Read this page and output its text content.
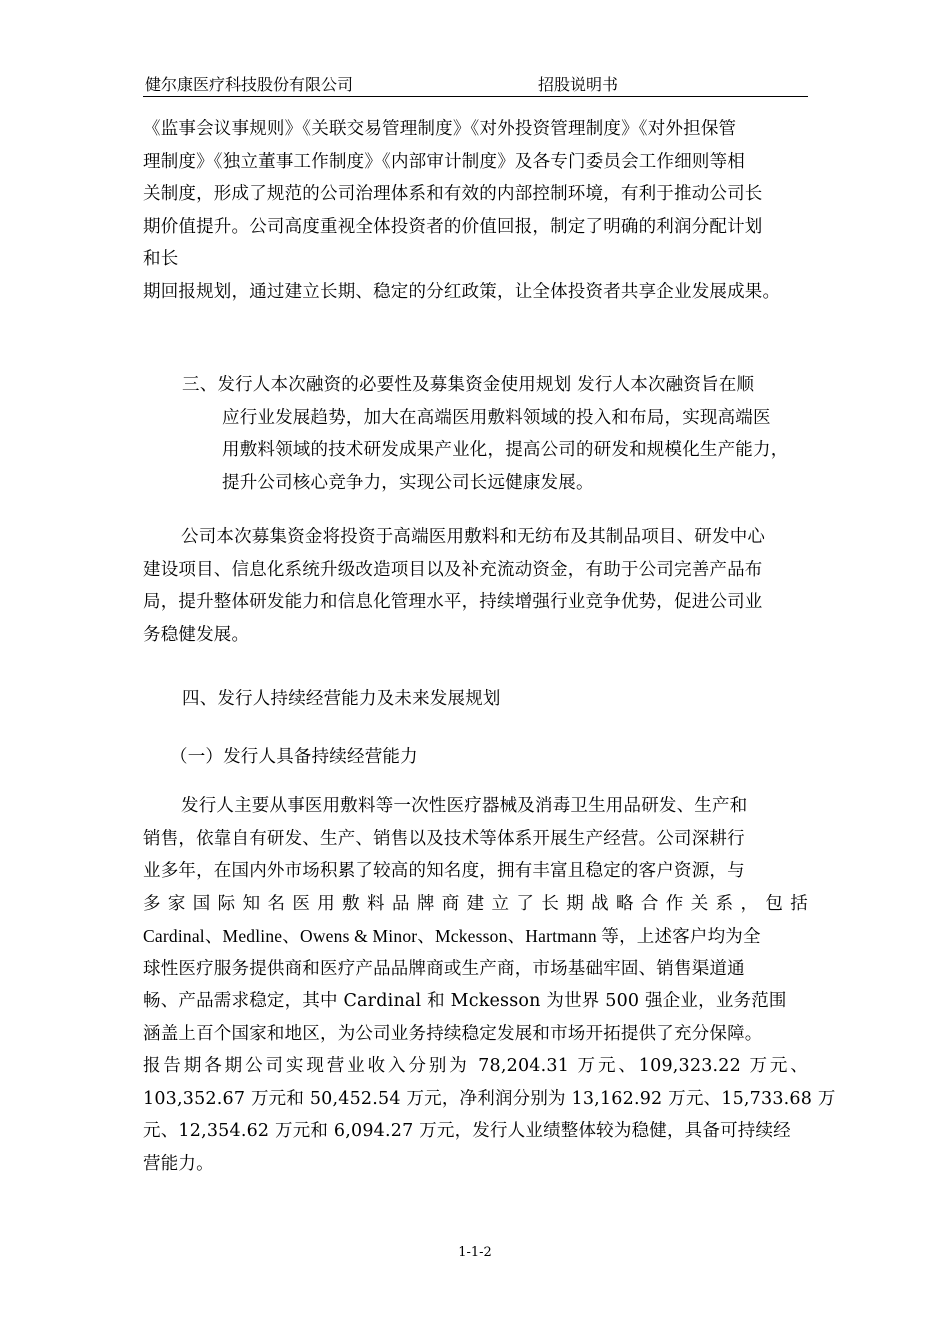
健尔康医疗科技股份有限公司	招股说明书
《监事会议事规则》《关联交易管理制度》《对外投资管理制度》《对外担保管
理制度》《独立董事工作制度》《内部审计制度》及各专门委员会工作细则等相
关制度，形成了规范的公司治理体系和有效的内部控制环境，有利于推动公司长
期价值提升。公司高度重视全体投资者的价值回报，制定了明确的利润分配计划
和长
期回报规划，通过建立长期、稳定的分红政策，让全体投资者共享企业发展成果。
三、发行人本次融资的必要性及募集资金使用规划 发行人本次融资旨在顺
应行业发展趋势，加大在高端医用敷料领域的投入和布局，实现高端医
用敷料领域的技术研发成果产业化，提高公司的研发和规模化生产能力，
提升公司核心竞争力，实现公司长远健康发展。
公司本次募集资金将投资于高端医用敷料和无纺布及其制品项目、研发中心
建设项目、信息化系统升级改造项目以及补充流动资金，有助于公司完善产品布
局，提升整体研发能力和信息化管理水平，持续增强行业竞争优势，促进公司业
务稳健发展。
四、发行人持续经营能力及未来发展规划
（一）发行人具备持续经营能力
发行人主要从事医用敷料等一次性医疗器械及消毒卫生用品研发、生产和
销售，依靠自有研发、生产、销售以及技术等体系开展生产经营。公司深耕行
业多年，在国内外市场积累了较高的知名度，拥有丰富且稳定的客户资源，与
多家国际知名医用敷料品牌商建立了长期战略合作关系，包括
Cardinal、Medline、Owens & Minor、Mckesson、Hartmann 等，上述客户均为全
球性医疗服务提供商和医疗产品品牌商或生产商，市场基础牢固、销售渠道通
畅、产品需求稳定，其中 Cardinal 和 Mckesson 为世界 500 强企业，业务范围
涵盖上百个国家和地区，为公司业务持续稳定发展和市场开拓提供了充分保障。
报告期各期公司实现营业收入分别为 78,204.31 万元、109,323.22 万元、
103,352.67 万元和 50,452.54 万元，净利润分别为 13,162.92 万元、15,733.68 万
元、12,354.62 万元和 6,094.27 万元，发行人业绩整体较为稳健，具备可持续经
营能力。
1-1-2
